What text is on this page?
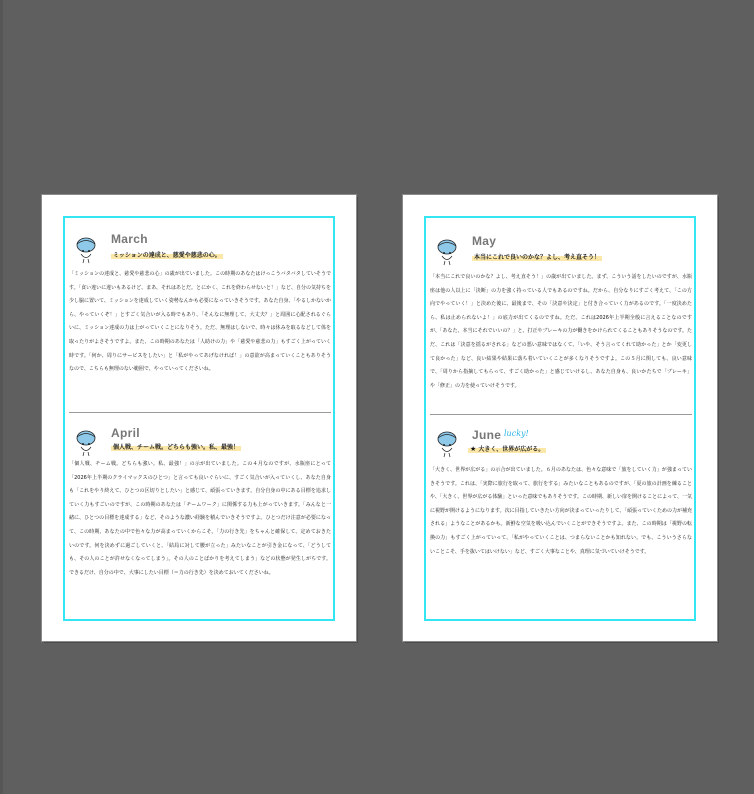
March
ミッションの達成と、慈愛や慈悲の心。

「ミッションの達成と、慈愛や慈悲の心」の歳が出ていました。この時期のあなたはけっこうバタバタしていそうです。「食い違いに違いもあるけど、まあ、それはあとだ。とにかく、これを終わらせないと！」など、自分の気持ちを少し脇に置いて、ミッションを達成していく姿勢なんかも必要になっていきそうです。あなた自身、「やるしかないから、やっていくぞ！」とすごく気合いが入る時でもあり、「そんなに無理して、大丈夫？」と周囲に心配されるぐらいに、ミッション達成の力は上がっていくことになりそう。ただ、無理はしないで、時々は休みを取るなどして体を取ったりがよさそうですよ。また、この時期のあなたは「人助けの力」や「慈愛や慈悲の力」もすごく上がっていく時です。「何か、周りにサービスをしたい」と「私がやってあげなければ！」の意欲が高まっていくこともありそうなので、こちらも無理のない範囲で、やっていってくださいね。

April
個人戦、チーム戦。どちらも強い。私、最強！

「個人戦、チーム戦。どちらも強い。私、最強！」の示が出ていました。この４月なのですが、水瓶座にとって「2026年上半期のクライマックスのひとつ」と言っても良いぐらいに、すごく気合いが入っていくし、あなた自身も「これをやり終えて、ひとつの区切りとしたい」と感じて、頑張っていきます。自分自身の中にある目標を追求していく力もすごいのですが、この時期のあなたは「チームワーク」に関係する力も上がっていきます。「みんなと一緒に、ひとつの目標を達成する」など、そのような濃い経験を積んでいきそうですよ。ひとつだけ注意が必要になって、この時期、あなたの中で色々な力が高まっていくからこそ、「力の行き先」をちゃんと確保して、定めておきたいのです。何を決めずに過ごしていくと、「結局に対して腰が立った」みたいなことが引き金になって、「どうしても、その人のことが許せなくなってしまう」。その人のことばかりを考えてしまう」などの状態が発生しがちです。できるだけ、自分の中で、大事にしたい目標（＝力の行き先）を決めておいてくださいね。

May
本当にこれで良いのかな？よし、考え直そう！

「本当にこれで良いのかな？よし、考え直そう！」の歳が出ていました。まず、こういう話をしたいのですが、水瓶座は他の人以上に「決断」の力を強く持っている人でもあるのですね。だから、自分なりにすごく考えて、「この方向でやっていく！」と決めた後に、最後まで、その「決意や決定」と付き合っていく力があるのです。「一度決めたら、私は止められないよ！」の底力が出てくるのですね。ただ、これは2026年上半期全般に言えることなのですが、「あなた、本当にそれでいいの？」と、打正やブレーキの力が働きをかけられてくることもありそうなのです。ただ、これは「決意を揺るがされる」などの悪い意味ではなくて、「いや、そう言ってくれて助かった」とか「変更して良かった」など、良い結果や結果に落ち着いていくことが多くなりそうですよ。この５月に関しても、良い意味で、「周りから指摘してもらって、すごく助かった」と感じていけるし、あなた自身も、良いかたちで「ブレーキ」や「修正」の力を使っていけそうです。

June lucky!
★ 大きく、世界が広がる。

「大きく、世界が広がる」の示合が出ていました。６月のあなたは、色々な意味で「旅をしていく力」が強まっていきそうです。これは、「実際に旅行を取って、旅行をする」みたいなこともあるのですが、「夏の旅の計画を練ることや、「大きく、世界が広がる体験」といった意味でもありそうです。この時期、新しい扉を開けることによって、一気に視野が開けるようになります。次に目指していきたい方向が決まっていったりして、「頑張っていくための力が補充される」ようなことがあるかも。新鮮な空気を吸い込んでいくことができそうですよ。また、この時期は「視野の転換の力」もすごく上がっていって、「私がやっていくことは、つまらないことかも知れない。でも、こういうさらないことこそ、手を抜いてはいけない」など、すごく大事なことや、真理に気づいていけそうです。
